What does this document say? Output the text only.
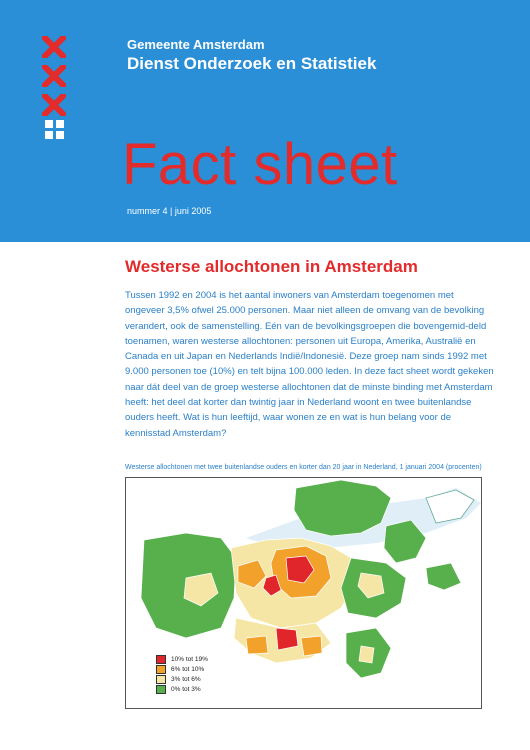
Gemeente Amsterdam
Dienst Onderzoek en Statistiek
Fact sheet
nummer 4 | juni 2005
Westerse allochtonen in Amsterdam
Tussen 1992 en 2004 is het aantal inwoners van Amsterdam toegenomen met ongeveer 3,5% ofwel 25.000 personen. Maar niet alleen de omvang van de bevolking verandert, ook de samenstelling. Eén van de bevolkingsgroepen die bovengemid-deld toenamen, waren westerse allochtonen: personen uit Europa, Amerika, Australië en Canada en uit Japan en Nederlands Indië/Indonesië. Deze groep nam sinds 1992 met 9.000 personen toe (10%) en telt bijna 100.000 leden. In deze fact sheet wordt gekeken naar dát deel van de groep westerse allochtonen dat de minste binding met Amsterdam heeft: het deel dat korter dan twintig jaar in Nederland woont en twee buitenlandse ouders heeft. Wat is hun leeftijd, waar wonen ze en wat is hun belang voor de kennisstad Amsterdam?
Westerse allochtonen met twee buitenlandse ouders en korter dan 20 jaar in Nederland, 1 januari 2004 (procenten)
10% tot 19%
6% tot 10%
3% tot 6%
0% tot 3%
